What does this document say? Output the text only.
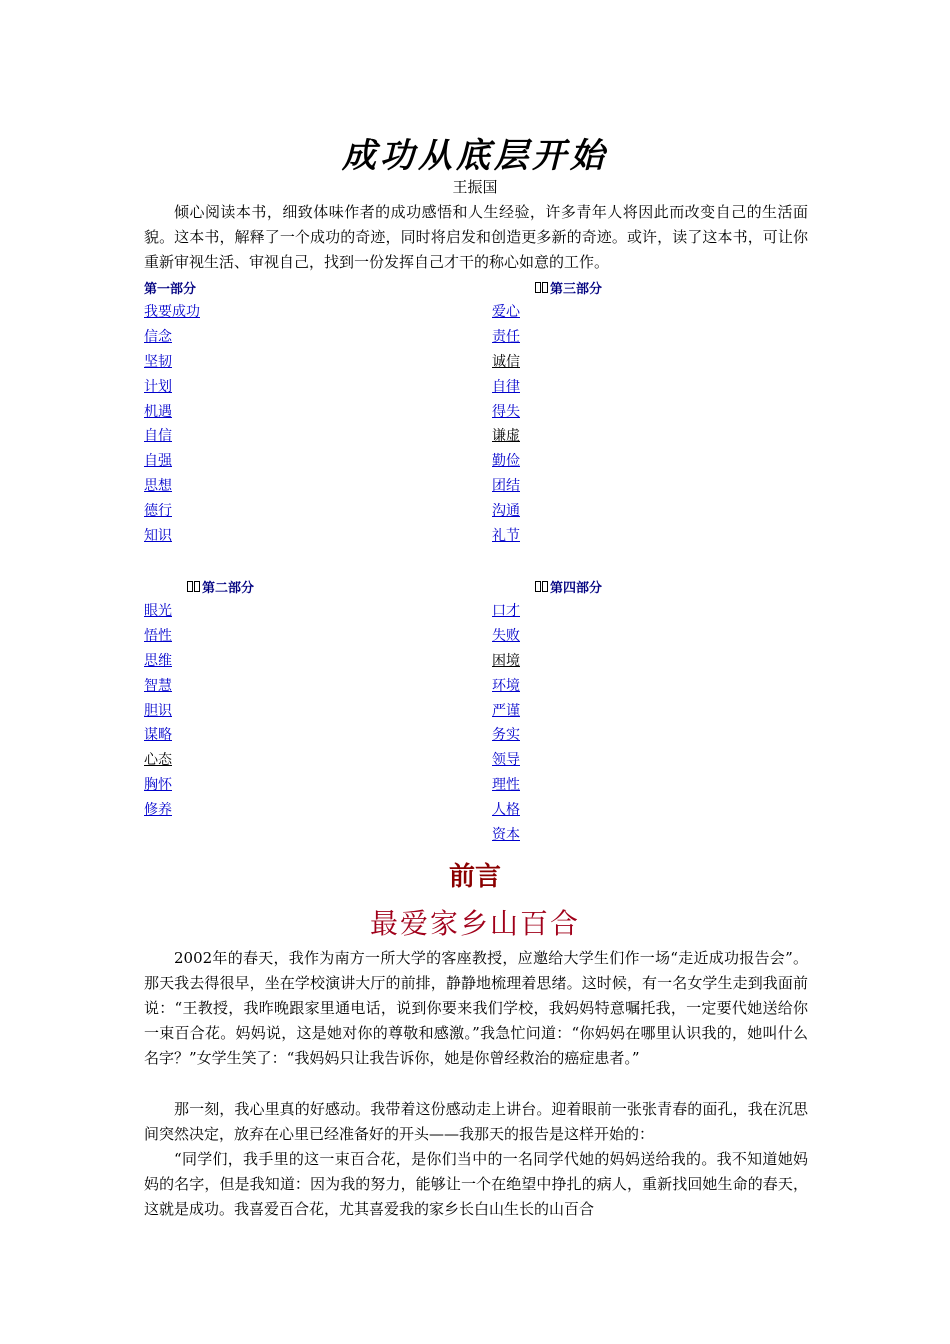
成功从底层开始
王振国

倾心阅读本书，细致体味作者的成功感悟和人生经验，许多青年人将因此而改变自己的生活面貌。这本书，解释了一个成功的奇迹，同时将启发和创造更多新的奇迹。或许，读了这本书，可让你重新审视生活、审视自己，找到一份发挥自己才干的称心如意的工作。

第一部分
我要成功
信念
坚韧
计划
机遇
自信
自强
思想
德行
知识
第三部分
爱心
责任
诚信
自律
得失
谦虚
勤俭
团结
沟通
礼节
第二部分
眼光
悟性
思维
智慧
胆识
谋略
心态
胸怀
修养
第四部分
口才
失败
困境
环境
严谨
务实
领导
理性
人格
资本
前言
最爱家乡山百合

2002年的春天，我作为南方一所大学的客座教授，应邀给大学生们作一场“走近成功报告会”。那天我去得很早，坐在学校演讲大厅的前排，静静地梳理着思绪。这时候，有一名女学生走到我面前说：“王教授，我昨晚跟家里通电话，说到你要来我们学校，我妈妈特意嘱托我，一定要代她送给你一束百合花。妈妈说，这是她对你的尊敬和感激。”我急忙问道：“你妈妈在哪里认识我的，她叫什么名字？”女学生笑了：“我妈妈只让我告诉你，她是你曾经救治的癌症患者。”

那一刻，我心里真的好感动。我带着这份感动走上讲台。迎着眼前一张张青春的面孔，我在沉思间突然决定，放弃在心里已经准备好的开头——我那天的报告是这样开始的：

“同学们，我手里的这一束百合花，是你们当中的一名同学代她的妈妈送给我的。我不知道她妈妈的名字，但是我知道：因为我的努力，能够让一个在绝望中挣扎的病人，重新找回她生命的春天，这就是成功。我喜爱百合花，尤其喜爱我的家乡长白山生长的山百合
